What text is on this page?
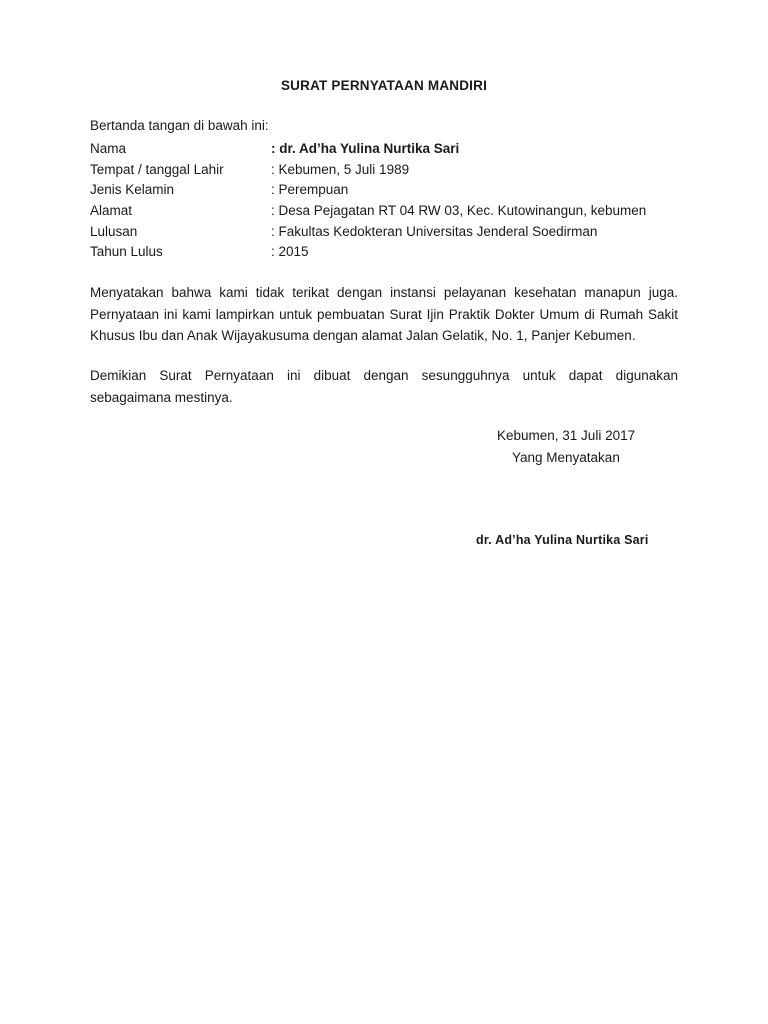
SURAT PERNYATAAN MANDIRI
Bertanda tangan di bawah ini:
Nama	: dr. Ad’ha Yulina Nurtika Sari
Tempat / tanggal Lahir	: Kebumen, 5 Juli 1989
Jenis Kelamin	: Perempuan
Alamat	: Desa Pejagatan RT 04 RW 03, Kec. Kutowinangun, kebumen
Lulusan	: Fakultas Kedokteran Universitas Jenderal Soedirman
Tahun Lulus	: 2015
Menyatakan bahwa kami tidak terikat dengan instansi pelayanan kesehatan manapun juga. Pernyataan ini kami lampirkan untuk pembuatan Surat Ijin Praktik Dokter Umum di Rumah Sakit Khusus Ibu dan Anak Wijayakusuma dengan alamat Jalan Gelatik, No. 1, Panjer Kebumen.
Demikian Surat Pernyataan ini dibuat dengan sesungguhnya untuk dapat digunakan sebagaimana mestinya.
Kebumen, 31 Juli 2017
Yang Menyatakan
dr. Ad’ha Yulina Nurtika Sari
